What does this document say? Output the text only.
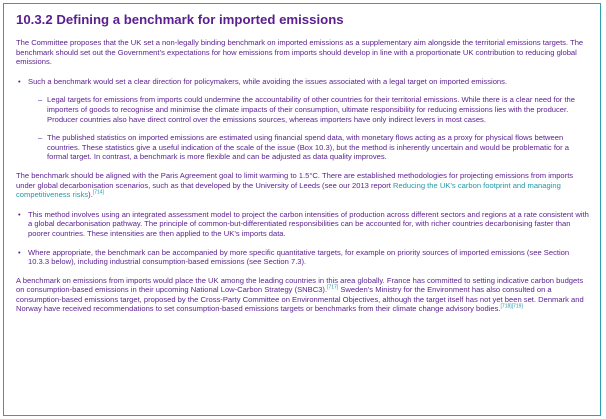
10.3.2 Defining a benchmark for imported emissions

The Committee proposes that the UK set a non-legally binding benchmark on imported emissions as a supplementary aim alongside the territorial emissions targets. The benchmark should set out the Government’s expectations for how emissions from imports should develop in line with a proportionate UK contribution to reducing global emissions.

• Such a benchmark would set a clear direction for policymakers, while avoiding the issues associated with a legal target on imported emissions.
– Legal targets for emissions from imports could undermine the accountability of other countries for their territorial emissions. While there is a clear need for the importers of goods to recognise and minimise the climate impacts of their consumption, ultimate responsibility for reducing emissions lies with the producer. Producer countries also have direct control over the emissions sources, whereas importers have only indirect levers in most cases.
– The published statistics on imported emissions are estimated using financial spend data, with monetary flows acting as a proxy for physical flows between countries. These statistics give a useful indication of the scale of the issue (Box 10.3), but the method is inherently uncertain and would be problematic for a formal target. In contrast, a benchmark is more flexible and can be adjusted as data quality improves.

The benchmark should be aligned with the Paris Agreement goal to limit warming to 1.5°C. There are established methodologies for projecting emissions from imports under global decarbonisation scenarios, such as that developed by the University of Leeds (see our 2013 report Reducing the UK’s carbon footprint and managing competitiveness risks).[714]

• This method involves using an integrated assessment model to project the carbon intensities of production across different sectors and regions at a rate consistent with a global decarbonisation pathway. The principle of common-but-differentiated responsibilities can be accounted for, with richer countries decarbonising faster than poorer countries. These intensities are then applied to the UK’s imports data.
• Where appropriate, the benchmark can be accompanied by more specific quantitative targets, for example on priority sources of imported emissions (see Section 10.3.3 below), including industrial consumption-based emissions (see Section 7.3).

A benchmark on emissions from imports would place the UK among the leading countries in this area globally. France has committed to setting indicative carbon budgets on consumption-based emissions in their upcoming National Low-Carbon Strategy (SNBC3).[717] Sweden’s Ministry for the Environment has also consulted on a consumption-based emissions target, proposed by the Cross-Party Committee on Environmental Objectives, although the target itself has not yet been set. Denmark and Norway have received recommendations to set consumption-based emissions targets or benchmarks from their climate change advisory bodies.[718][719]
